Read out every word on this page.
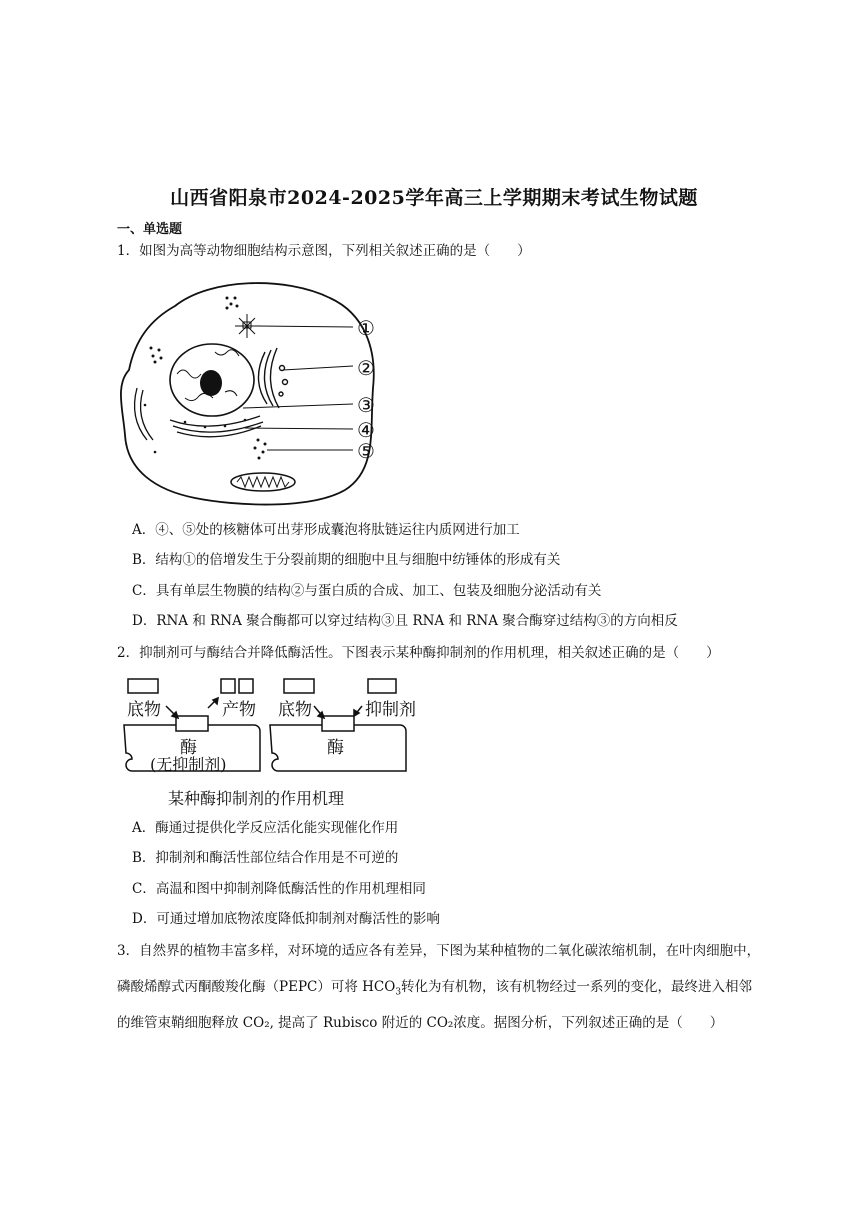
山西省阳泉市2024-2025学年高三上学期期末考试生物试题
一、单选题
1．如图为高等动物细胞结构示意图，下列相关叙述正确的是（　　）
①
②
③
④
⑤
A．④、⑤处的核糖体可出芽形成囊泡将肽链运往内质网进行加工
B．结构①的倍增发生于分裂前期的细胞中且与细胞中纺锤体的形成有关
C．具有单层生物膜的结构②与蛋白质的合成、加工、包装及细胞分泌活动有关
D．RNA 和 RNA 聚合酶都可以穿过结构③且 RNA 和 RNA 聚合酶穿过结构③的方向相反
2．抑制剂可与酶结合并降低酶活性。下图表示某种酶抑制剂的作用机理，相关叙述正确的是（　　）
底物	产物
酶
(无抑制剂)
底物	抑制剂
酶
某种酶抑制剂的作用机理
A．酶通过提供化学反应活化能实现催化作用
B．抑制剂和酶活性部位结合作用是不可逆的
C．高温和图中抑制剂降低酶活性的作用机理相同
D．可通过增加底物浓度降低抑制剂对酶活性的影响
3．自然界的植物丰富多样，对环境的适应各有差异，下图为某种植物的二氧化碳浓缩机制，在叶肉细胞中，
磷酸烯醇式丙酮酸羧化酶（PEPC）可将 $HCO_3$转化为有机物，该有机物经过一系列的变化，最终进入相邻
的维管束鞘细胞释放 CO₂, 提高了 Rubisco 附近的 CO₂浓度。据图分析，下列叙述正确的是（　　）
